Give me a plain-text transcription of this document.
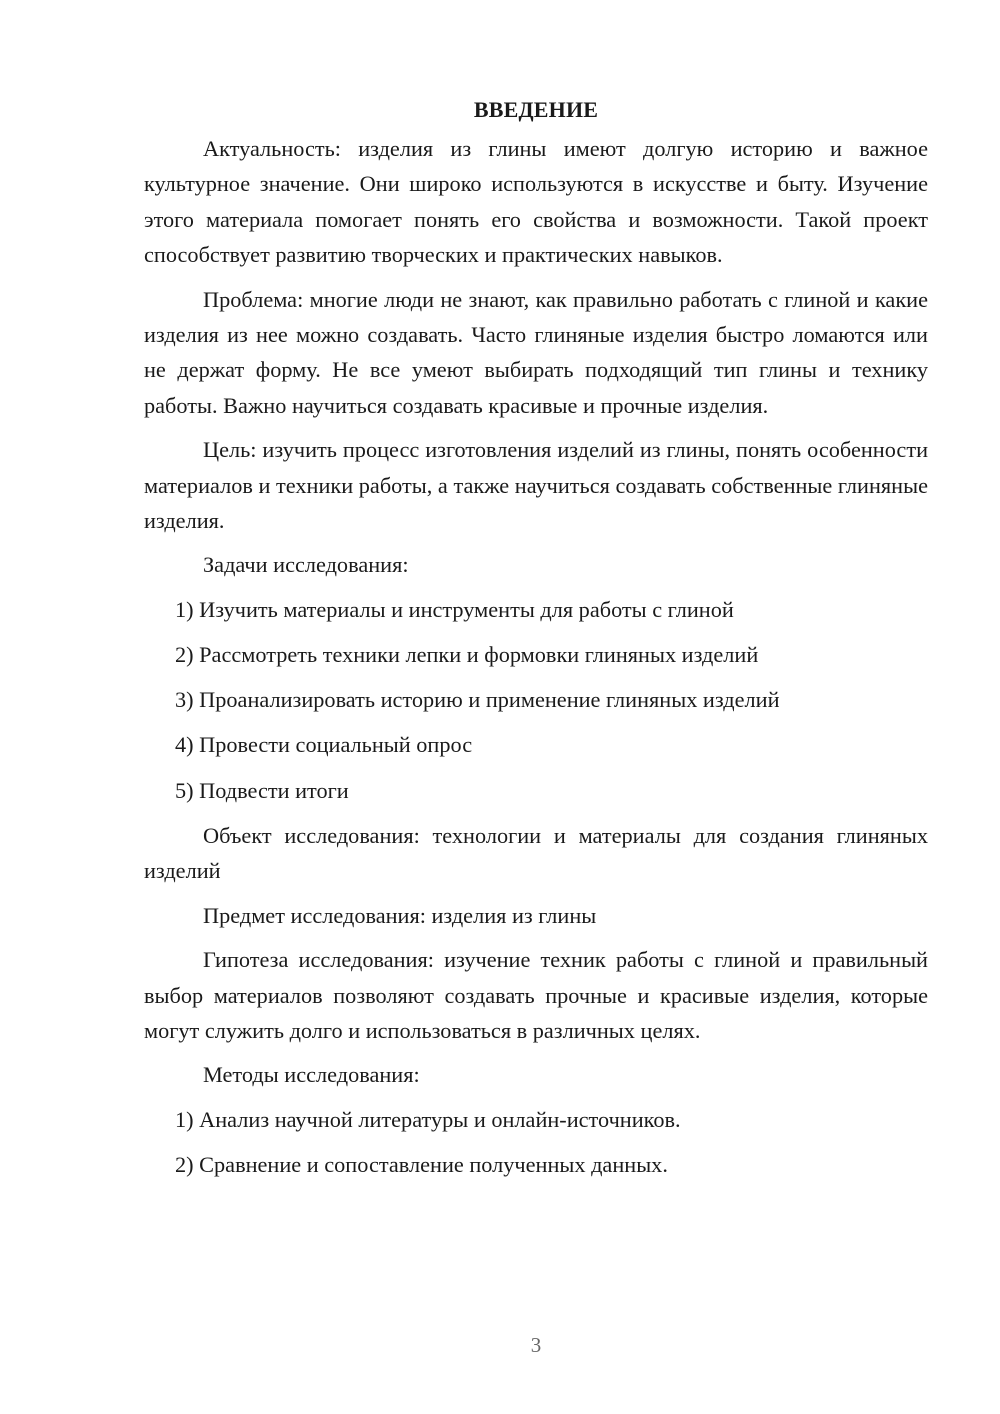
ВВЕДЕНИЕ

Актуальность: изделия из глины имеют долгую историю и важное культурное значение. Они широко используются в искусстве и быту. Изучение этого материала помогает понять его свойства и возможности. Такой проект способствует развитию творческих и практических навыков.

Проблема: многие люди не знают, как правильно работать с глиной и какие изделия из нее можно создавать. Часто глиняные изделия быстро ломаются или не держат форму. Не все умеют выбирать подходящий тип глины и технику работы. Важно научиться создавать красивые и прочные изделия.

Цель: изучить процесс изготовления изделий из глины, понять особенности материалов и техники работы, а также научиться создавать собственные глиняные изделия.

Задачи исследования:

1) Изучить материалы и инструменты для работы с глиной
2) Рассмотреть техники лепки и формовки глиняных изделий
3) Проанализировать историю и применение глиняных изделий
4) Провести социальный опрос
5) Подвести итоги

Объект исследования: технологии и материалы для создания глиняных изделий

Предмет исследования: изделия из глины

Гипотеза исследования: изучение техник работы с глиной и правильный выбор материалов позволяют создавать прочные и красивые изделия, которые могут служить долго и использоваться в различных целях.

Методы исследования:

1) Анализ научной литературы и онлайн-источников.
2) Сравнение и сопоставление полученных данных.
3
